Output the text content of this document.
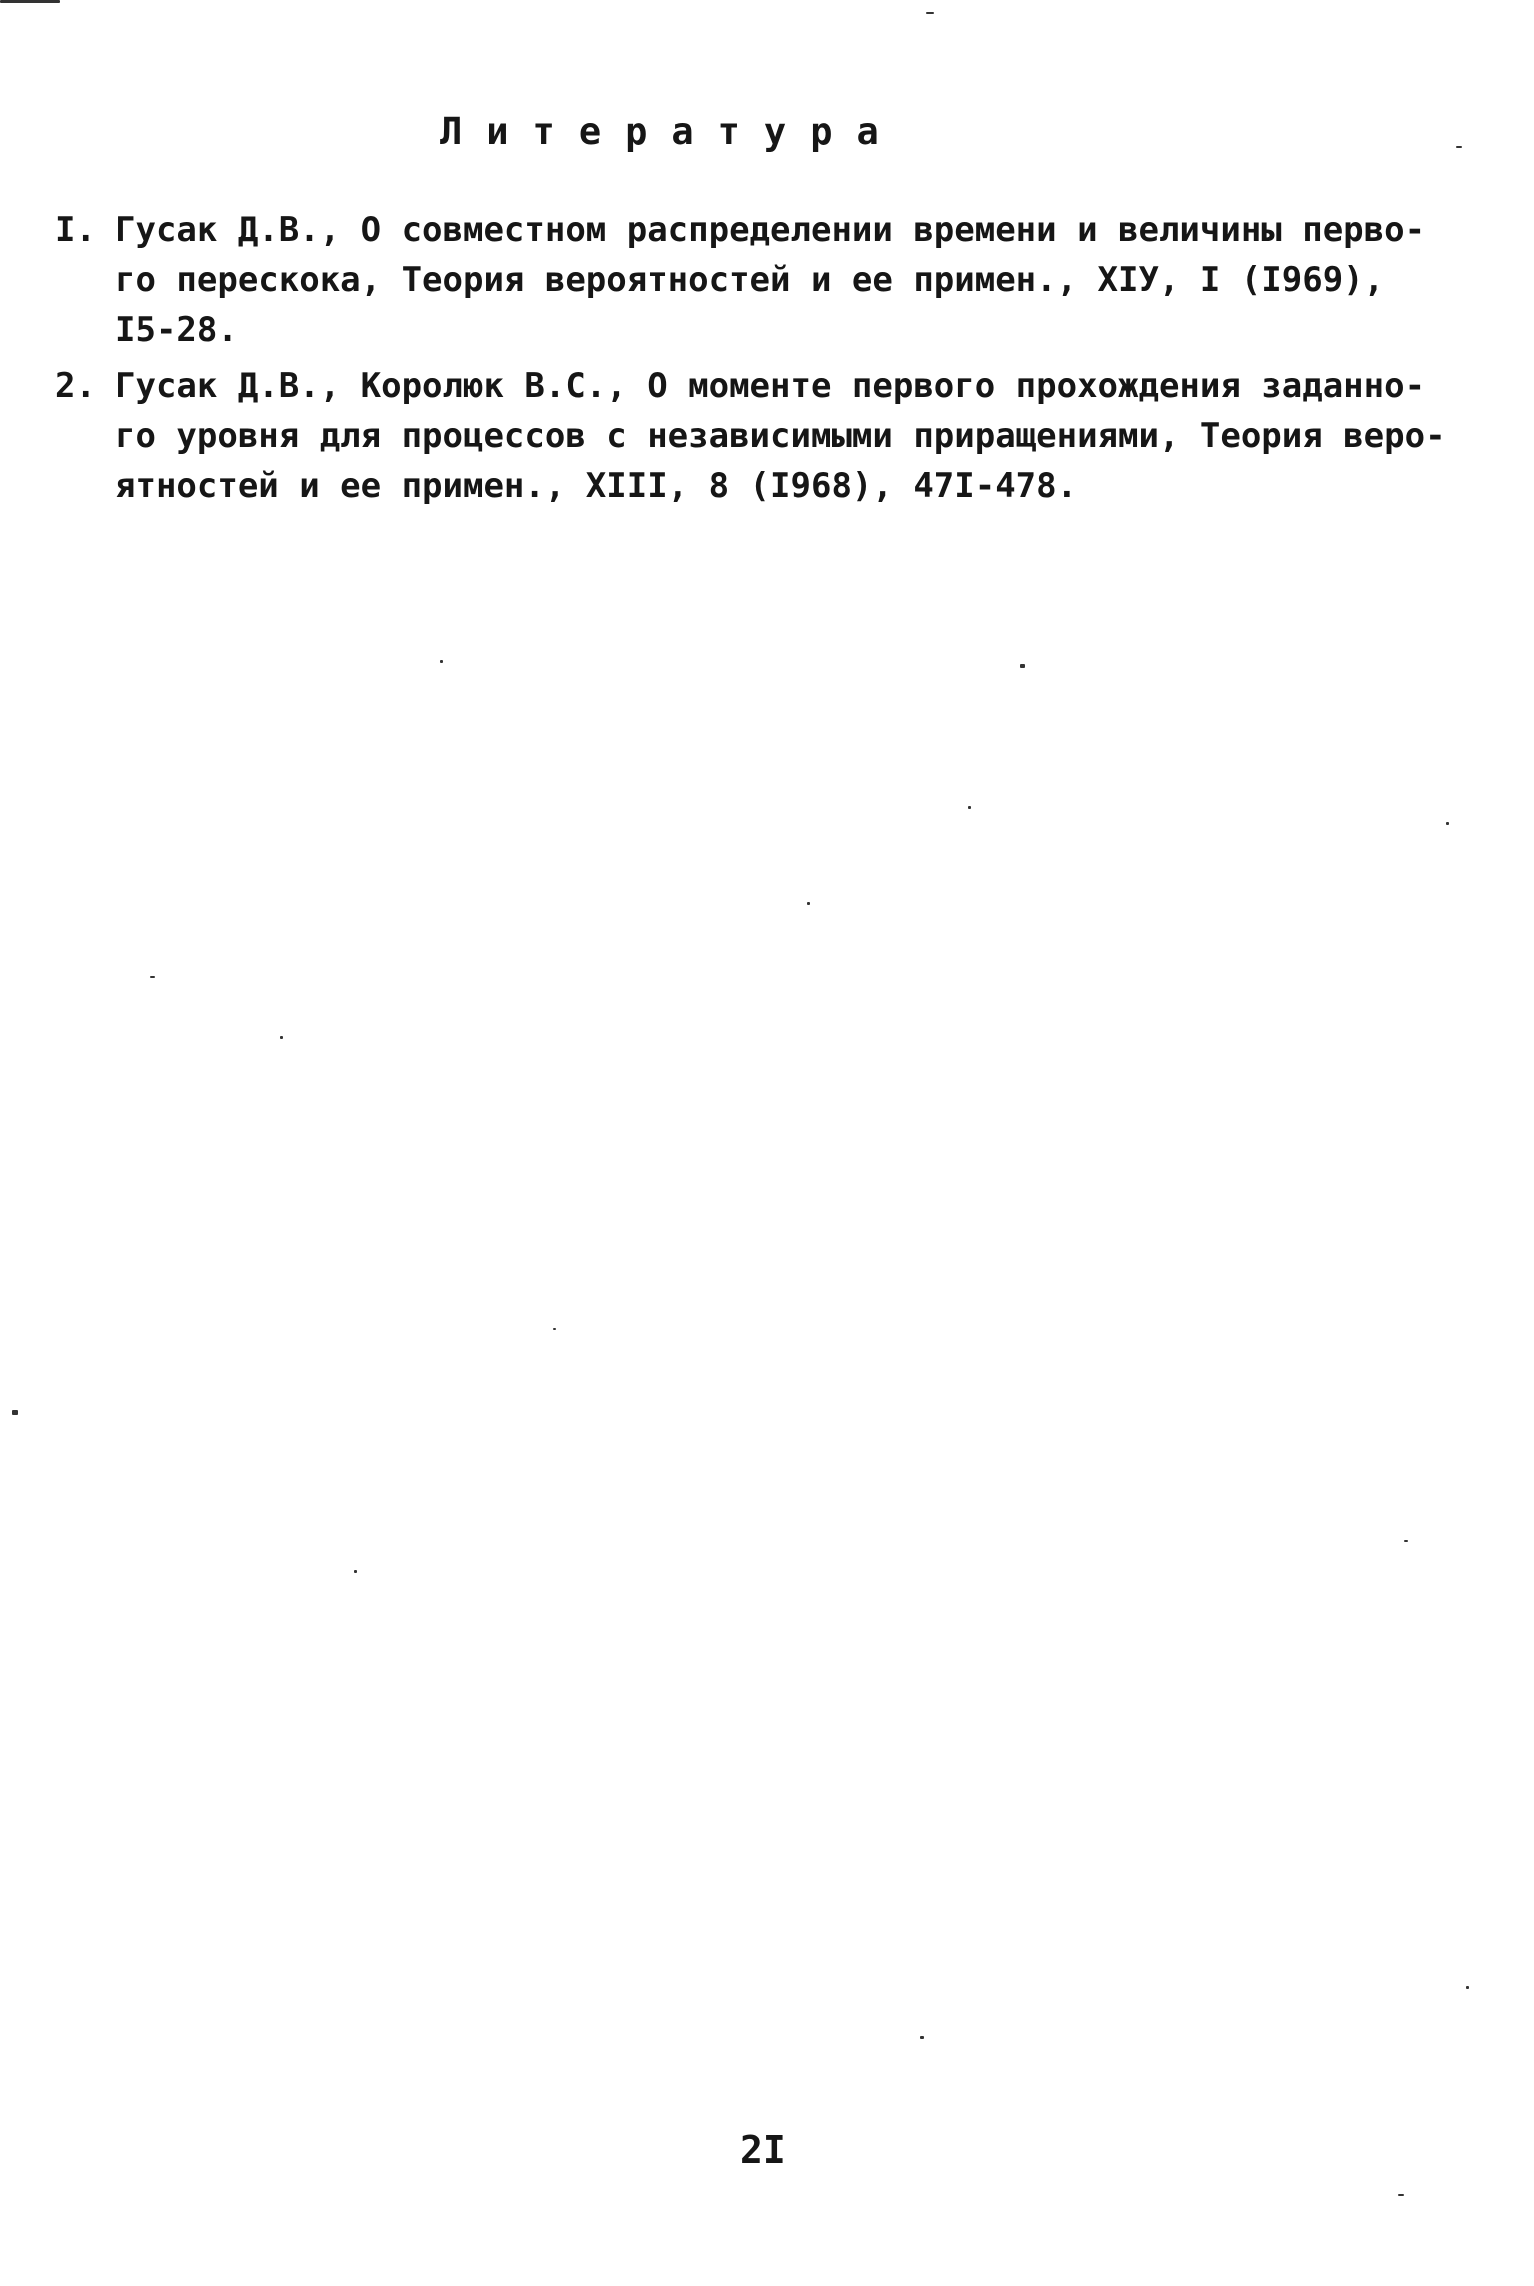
Литература
I. Гусак Д.В., О совместном распределении времени и величины перво-
го перескока, Теория вероятностей и ее примен., XIУ, I (I969),
I5-28.
2. Гусак Д.В., Королюк В.С., О моменте первого прохождения заданно-
го уровня для процессов с независимыми приращениями, Теория веро-
ятностей и ее примен., XIII, 8 (I968), 47I-478.
2I
